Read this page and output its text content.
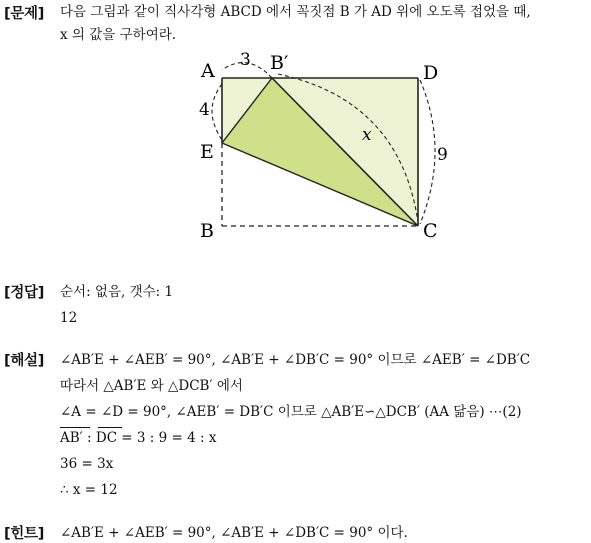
[문제] 다음 그림과 같이 직사각형 ABCD 에서 꼭짓점 B 가 AD 위에 오도록 접었을 때,
x 의 값을 구하여라.
A	B′	D
E
B	C
3
4
9
x
[정답] 순서: 없음, 갯수: 1
12
[해설] ∠AB′E + ∠AEB′ = 90°, ∠AB′E + ∠DB′C = 90° 이므로 ∠AEB′ = ∠DB′C
따라서 △AB′E 와 △DCB′ 에서
∠A = ∠D = 90°, ∠AEB′ = DB′C 이므로 △AB′E∽△DCB′ (AA 닮음) ⋯(2)
AB′ : DC = 3 : 9 = 4 : x
36 = 3x
∴ x = 12
[힌트] ∠AB′E + ∠AEB′ = 90°, ∠AB′E + ∠DB′C = 90° 이다.
